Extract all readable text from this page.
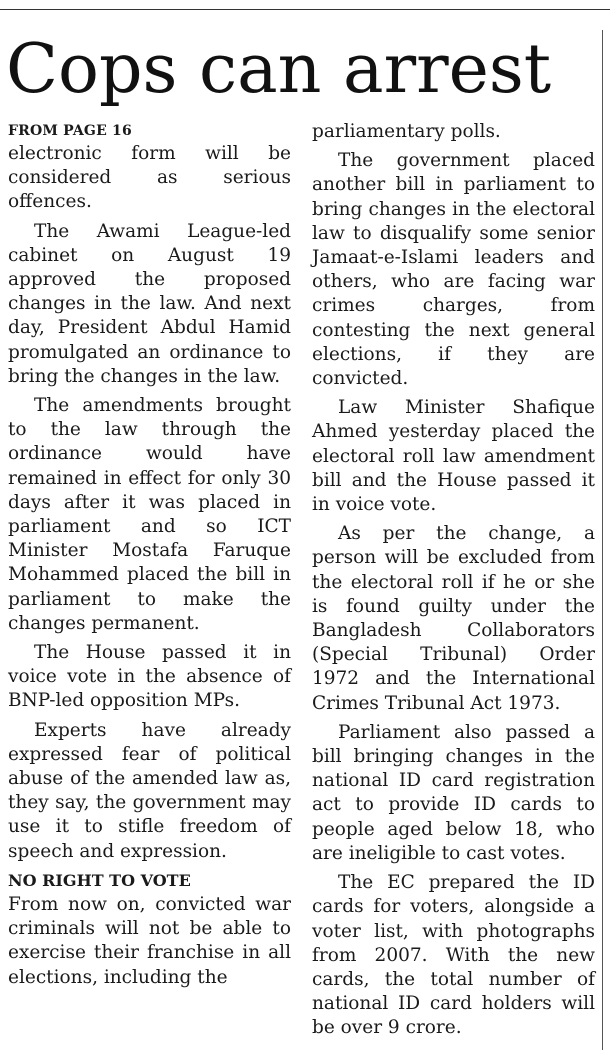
Cops can arrest

FROM PAGE 16

electronic form will be considered as serious offences.

The Awami League-led cabinet on August 19 approved the proposed changes in the law. And next day, President Abdul Hamid promulgated an ordinance to bring the changes in the law.

The amendments brought to the law through the ordinance would have remained in effect for only 30 days after it was placed in parliament and so ICT Minister Mostafa Faruque Mohammed placed the bill in parliament to make the changes permanent.

The House passed it in voice vote in the absence of BNP-led opposition MPs.

Experts have already expressed fear of political abuse of the amended law as, they say, the government may use it to stifle freedom of speech and expression.

NO RIGHT TO VOTE

From now on, convicted war criminals will not be able to exercise their franchise in all elections, including the

parliamentary polls.

The government placed another bill in parliament to bring changes in the electoral law to disqualify some senior Jamaat-e-Islami leaders and others, who are facing war crimes charges, from contesting the next general elections, if they are convicted.

Law Minister Shafique Ahmed yesterday placed the electoral roll law amendment bill and the House passed it in voice vote.

As per the change, a person will be excluded from the electoral roll if he or she is found guilty under the Bangladesh Collaborators (Special Tribunal) Order 1972 and the International Crimes Tribunal Act 1973.

Parliament also passed a bill bringing changes in the national ID card registration act to provide ID cards to people aged below 18, who are ineligible to cast votes.

The EC prepared the ID cards for voters, alongside a voter list, with photographs from 2007. With the new cards, the total number of national ID card holders will be over 9 crore.
